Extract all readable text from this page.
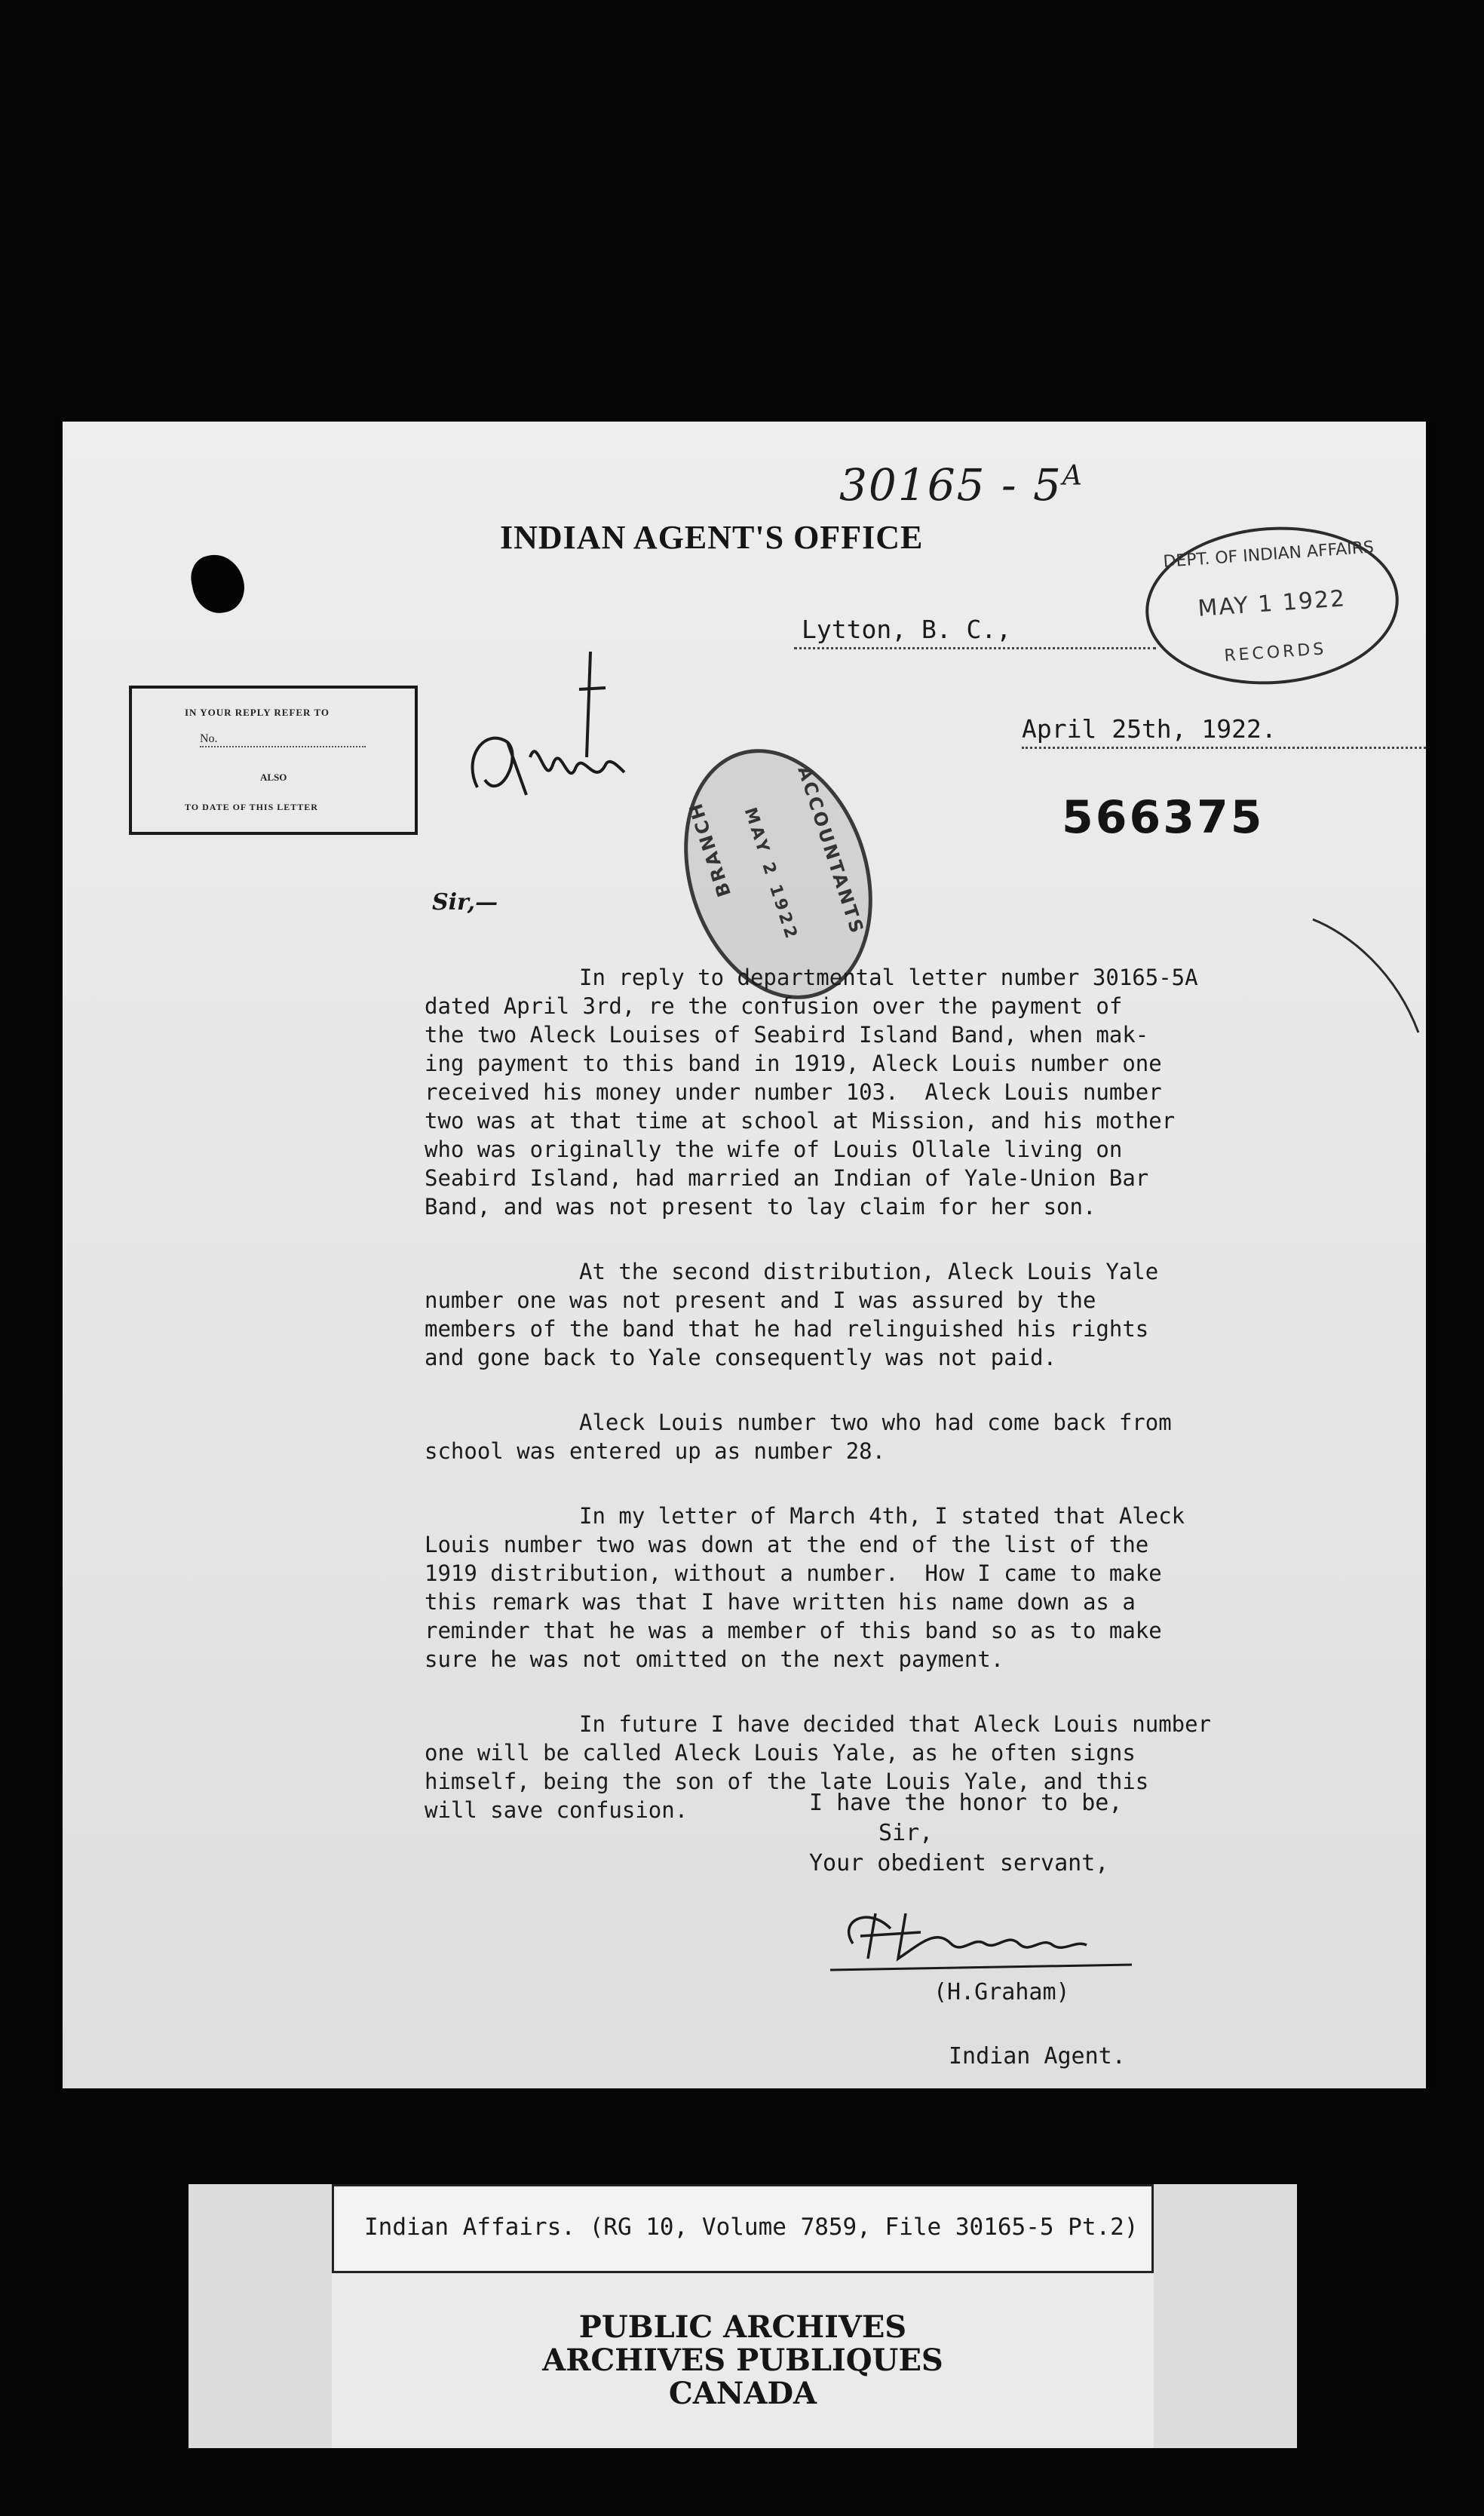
$30165 - 5^A$
INDIAN AGENT'S OFFICE	DEPT. OF INDIAN AFFAIRS
MAY 1 1922
RECORDS
Lytton, B. C.,
IN YOUR REPLY REFER TO
No.
ALSO
TO DATE OF THIS LETTER
April 25th, 1922.
566375
ACCOUNTANTS
BRANCH MAY 2 1922
Sir,—
In reply to departmental letter number 30165-5A
dated April 3rd, re the confusion over the payment of
the two Aleck Louises of Seabird Island Band, when mak-
ing payment to this band in 1919, Aleck Louis number one
received his money under number 103.  Aleck Louis number
two was at that time at school at Mission, and his mother
who was originally the wife of Louis Ollale living on
Seabird Island, had married an Indian of Yale-Union Bar
Band, and was not present to lay claim for her son.
At the second distribution, Aleck Louis Yale
number one was not present and I was assured by the
members of the band that he had relinguished his rights
and gone back to Yale consequently was not paid.
Aleck Louis number two who had come back from
school was entered up as number 28.
In my letter of March 4th, I stated that Aleck
Louis number two was down at the end of the list of the
1919 distribution, without a number.  How I came to make
this remark was that I have written his name down as a
reminder that he was a member of this band so as to make
sure he was not omitted on the next payment.
In future I have decided that Aleck Louis number
one will be called Aleck Louis Yale, as he often signs
himself, being the son of the late Louis Yale, and this
will save confusion.	I have the honor to be,
Sir,
Your obedient servant,
(H.Graham)
Indian Agent.
Indian Affairs. (RG 10, Volume 7859, File 30165-5 Pt.2)
PUBLIC ARCHIVES
ARCHIVES PUBLIQUES
CANADA
